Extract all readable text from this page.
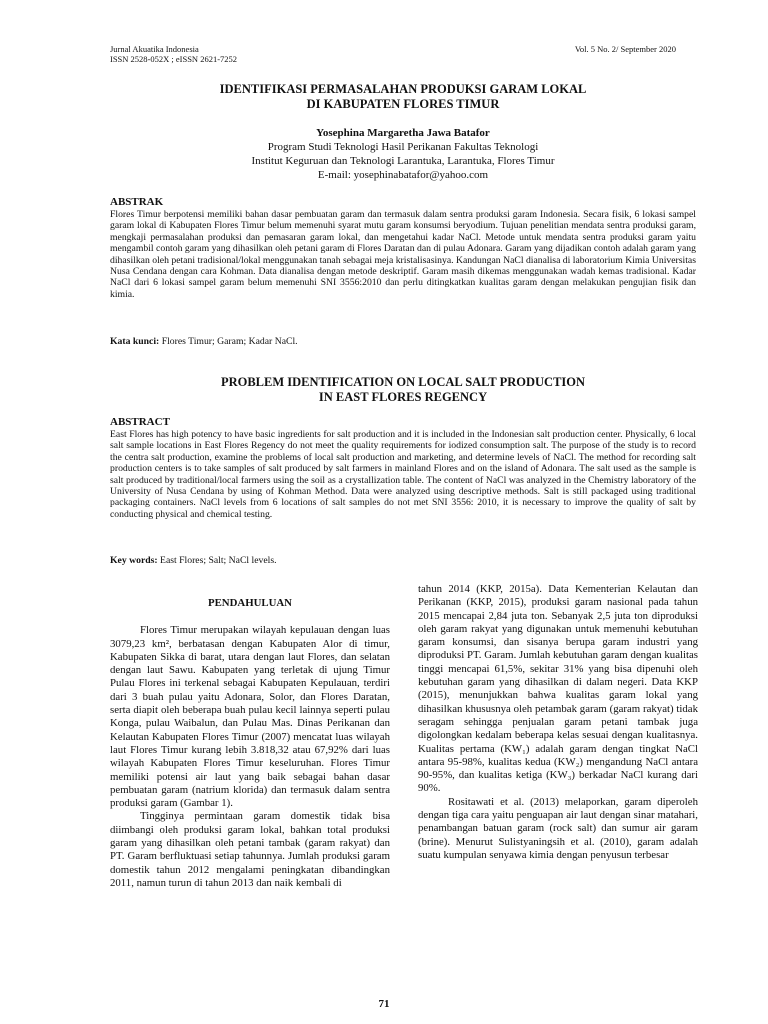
Jurnal Akuatika Indonesia
ISSN 2528-052X ; eISSN 2621-7252
Vol. 5 No. 2/ September 2020
IDENTIFIKASI PERMASALAHAN PRODUKSI GARAM LOKAL
DI KABUPATEN FLORES TIMUR
Yosephina Margaretha Jawa Batafor
Program Studi Teknologi Hasil Perikanan Fakultas Teknologi
Institut Keguruan dan Teknologi Larantuka, Larantuka, Flores Timur
E-mail: yosephinabatafor@yahoo.com
ABSTRAK
Flores Timur berpotensi memiliki bahan dasar pembuatan garam dan termasuk dalam sentra produksi garam Indonesia. Secara fisik, 6 lokasi sampel garam lokal di Kabupaten Flores Timur belum memenuhi syarat mutu garam konsumsi beryodium. Tujuan penelitian mendata sentra produksi garam, mengkaji permasalahan produksi dan pemasaran garam lokal, dan mengetahui kadar NaCl. Metode untuk mendata sentra produksi garam yaitu mengambil contoh garam yang dihasilkan oleh petani garam di Flores Daratan dan di pulau Adonara. Garam yang dijadikan contoh adalah garam yang dihasilkan oleh petani tradisional/lokal menggunakan tanah sebagai meja kristalisasinya. Kandungan NaCl dianalisa di laboratorium Kimia Universitas Nusa Cendana dengan cara Kohman. Data dianalisa dengan metode deskriptif. Garam masih dikemas menggunakan wadah kemas tradisional. Kadar NaCl dari 6 lokasi sampel garam belum memenuhi SNI 3556:2010 dan perlu ditingkatkan kualitas garam dengan melakukan pengujian fisik dan kimia.
Kata kunci: Flores Timur; Garam; Kadar NaCl.
PROBLEM IDENTIFICATION ON LOCAL SALT PRODUCTION
IN EAST FLORES REGENCY
ABSTRACT
East Flores has high potency to have basic ingredients for salt production and it is included in the Indonesian salt production center. Physically, 6 local salt sample locations in East Flores Regency do not meet the quality requirements for iodized consumption salt. The purpose of the study is to record the centra salt production, examine the problems of local salt production and marketing, and determine levels of NaCl. The method for recording salt production centers is to take samples of salt produced by salt farmers in mainland Flores and on the island of Adonara. The salt used as the sample is salt produced by traditional/local farmers using the soil as a crystallization table. The content of NaCl was analyzed in the Chemistry laboratory of the University of Nusa Cendana by using of Kohman Method. Data were analyzed using descriptive methods. Salt is still packaged using traditional packaging containers. NaCl levels from 6 locations of salt samples do not met SNI 3556: 2010, it is necessary to improve the quality of salt by conducting physical and chemical testing.
Key words: East Flores; Salt; NaCl levels.

PENDAHULUAN

Flores Timur merupakan wilayah kepulauan dengan luas 3079,23 km², berbatasan dengan Kabupaten Alor di timur, Kabupaten Sikka di barat, utara dengan laut Flores, dan selatan dengan laut Sawu. Kabupaten yang terletak di ujung Timur Pulau Flores ini terkenal sebagai Kabupaten Kepulauan, terdiri dari 3 buah pulau yaitu Adonara, Solor, dan Flores Daratan, serta diapit oleh beberapa buah pulau kecil lainnya seperti pulau Konga, pulau Waibalun, dan Pulau Mas. Dinas Perikanan dan Kelautan Kabupaten Flores Timur (2007) mencatat luas wilayah laut Flores Timur kurang lebih 3.818,32 atau 67,92% dari luas wilayah Kabupaten Flores Timur keseluruhan. Flores Timur memiliki potensi air laut yang baik sebagai bahan dasar pembuatan garam (natrium klorida) dan termasuk dalam sentra produksi garam (Gambar 1).

Tingginya permintaan garam domestik tidak bisa diimbangi oleh produksi garam lokal, bahkan total produksi garam yang dihasilkan oleh petani tambak (garam rakyat) dan PT. Garam berfluktuasi setiap tahunnya. Jumlah produksi garam domestik tahun 2012 mengalami peningkatan dibandingkan 2011, namun turun di tahun 2013 dan naik kembali di

tahun 2014 (KKP, 2015a). Data Kementerian Kelautan dan Perikanan (KKP, 2015), produksi garam nasional pada tahun 2015 mencapai 2,84 juta ton. Sebanyak 2,5 juta ton diproduksi oleh garam rakyat yang digunakan untuk memenuhi kebutuhan garam konsumsi, dan sisanya berupa garam industri yang diproduksi PT. Garam. Jumlah kebutuhan garam dengan kualitas tinggi mencapai 61,5%, sekitar 31% yang bisa dipenuhi oleh kebutuhan garam yang dihasilkan di dalam negeri. Data KKP (2015), menunjukkan bahwa kualitas garam lokal yang dihasilkan khususnya oleh petambak garam (garam rakyat) tidak seragam sehingga penjualan garam petani tambak juga digolongkan kedalam beberapa kelas sesuai dengan kualitasnya. Kualitas pertama (KW₁) adalah garam dengan tingkat NaCl antara 95-98%, kualitas kedua (KW₂) mengandung NaCl antara 90-95%, dan kualitas ketiga (KW₃) berkadar NaCl kurang dari 90%.

Rositawati et al. (2013) melaporkan, garam diperoleh dengan tiga cara yaitu penguapan air laut dengan sinar matahari, penambangan batuan garam (rock salt) dan sumur air garam (brine). Menurut Sulistyaningsih et al. (2010), garam adalah suatu kumpulan senyawa kimia dengan penyusun terbesar

71
